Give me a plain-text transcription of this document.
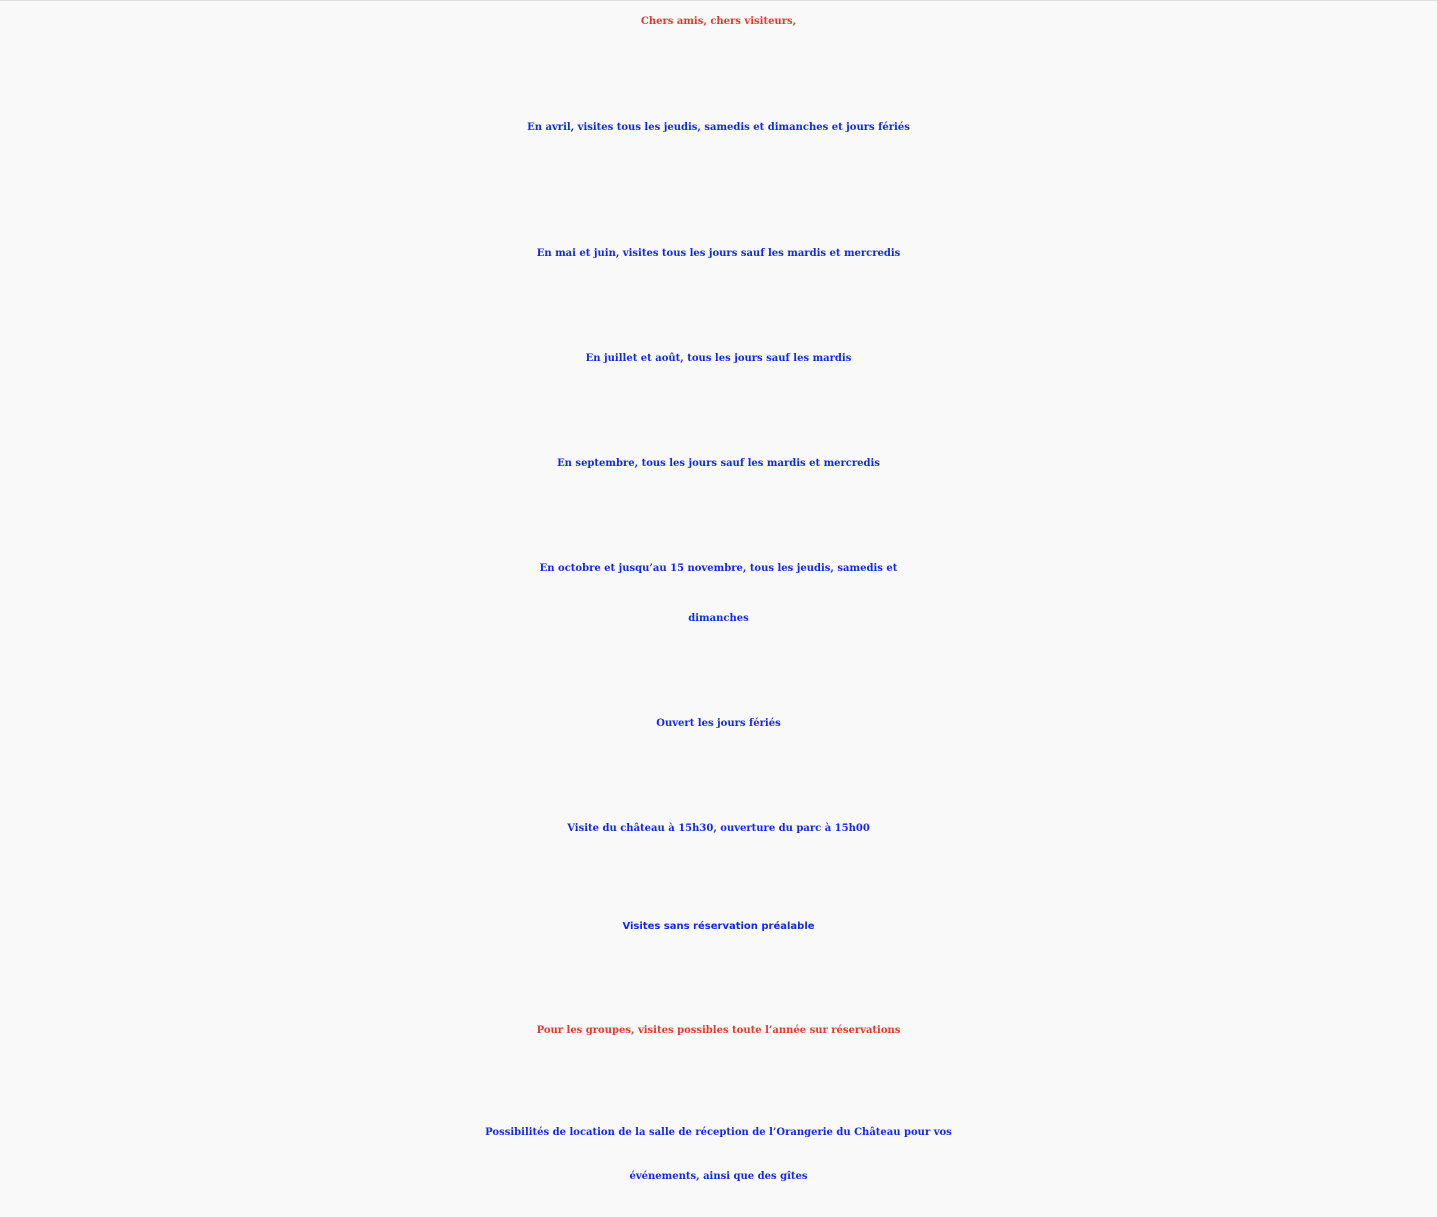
Chers amis, chers visiteurs,

En avril, visites tous les jeudis, samedis et dimanches et jours fériés

En mai et juin, visites tous les jours sauf les mardis et mercredis

En juillet et août, tous les jours sauf les mardis

En septembre, tous les jours sauf les mardis et mercredis

En octobre et jusqu’au 15 novembre, tous les jeudis, samedis et

dimanches

Ouvert les jours fériés

Visite du château à 15h30, ouverture du parc à 15h00

Visites sans réservation préalable

Pour les groupes, visites possibles toute l’année sur réservations

Possibilités de location de la salle de réception de l’Orangerie du Château pour vos

événements, ainsi que des gîtes
